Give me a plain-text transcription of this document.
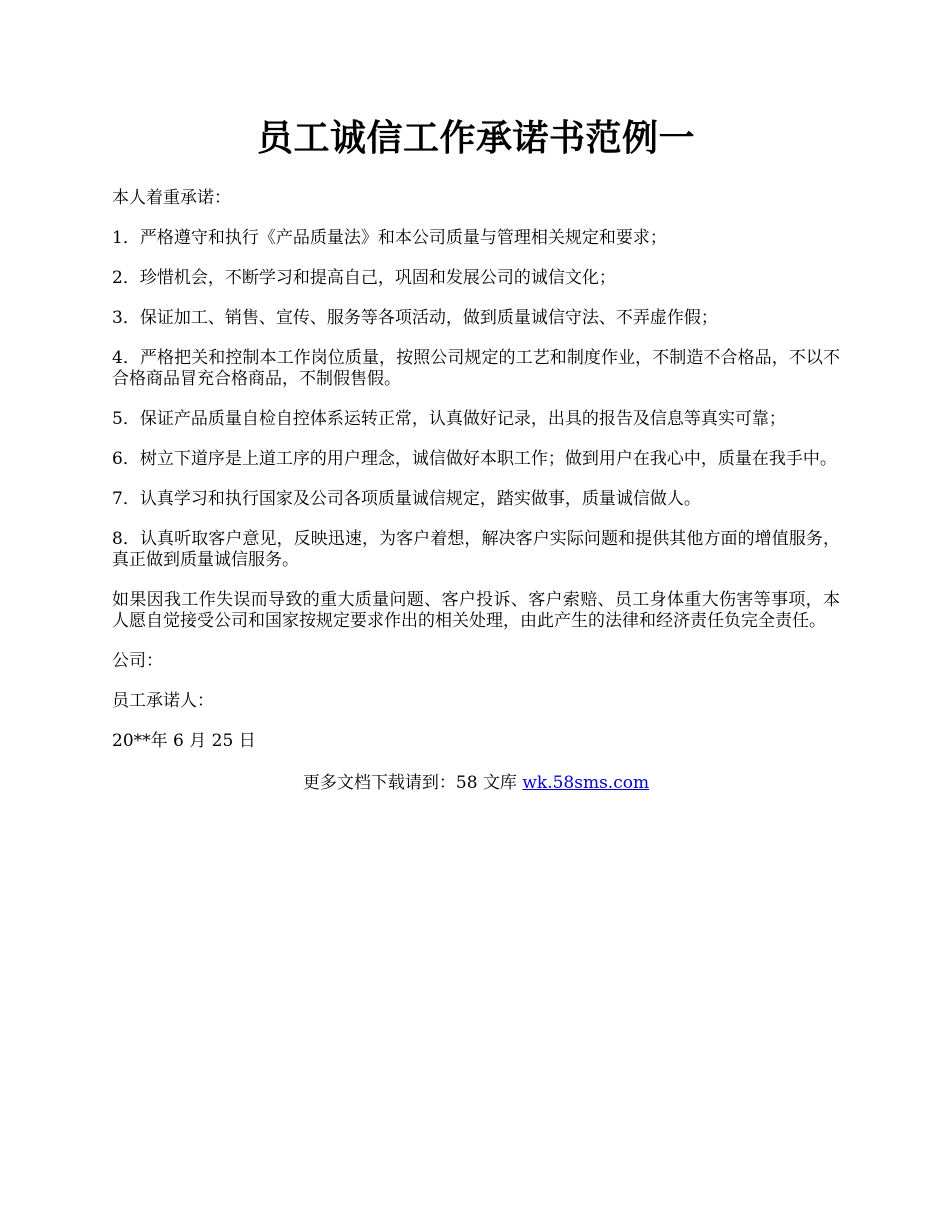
员工诚信工作承诺书范例一

本人着重承诺：

1．严格遵守和执行《产品质量法》和本公司质量与管理相关规定和要求；

2．珍惜机会，不断学习和提高自己，巩固和发展公司的诚信文化；

3．保证加工、销售、宣传、服务等各项活动，做到质量诚信守法、不弄虚作假；

4．严格把关和控制本工作岗位质量，按照公司规定的工艺和制度作业，不制造不合格品，不以不合格商品冒充合格商品，不制假售假。

5．保证产品质量自检自控体系运转正常，认真做好记录，出具的报告及信息等真实可靠；

6．树立下道序是上道工序的用户理念，诚信做好本职工作；做到用户在我心中，质量在我手中。

7．认真学习和执行国家及公司各项质量诚信规定，踏实做事，质量诚信做人。

8．认真听取客户意见，反映迅速，为客户着想，解决客户实际问题和提供其他方面的增值服务，真正做到质量诚信服务。

如果因我工作失误而导致的重大质量问题、客户投诉、客户索赔、员工身体重大伤害等事项，本人愿自觉接受公司和国家按规定要求作出的相关处理，由此产生的法律和经济责任负完全责任。

公司：

员工承诺人：

20**年 6 月 25 日

更多文档下载请到：58 文库 wk.58sms.com
